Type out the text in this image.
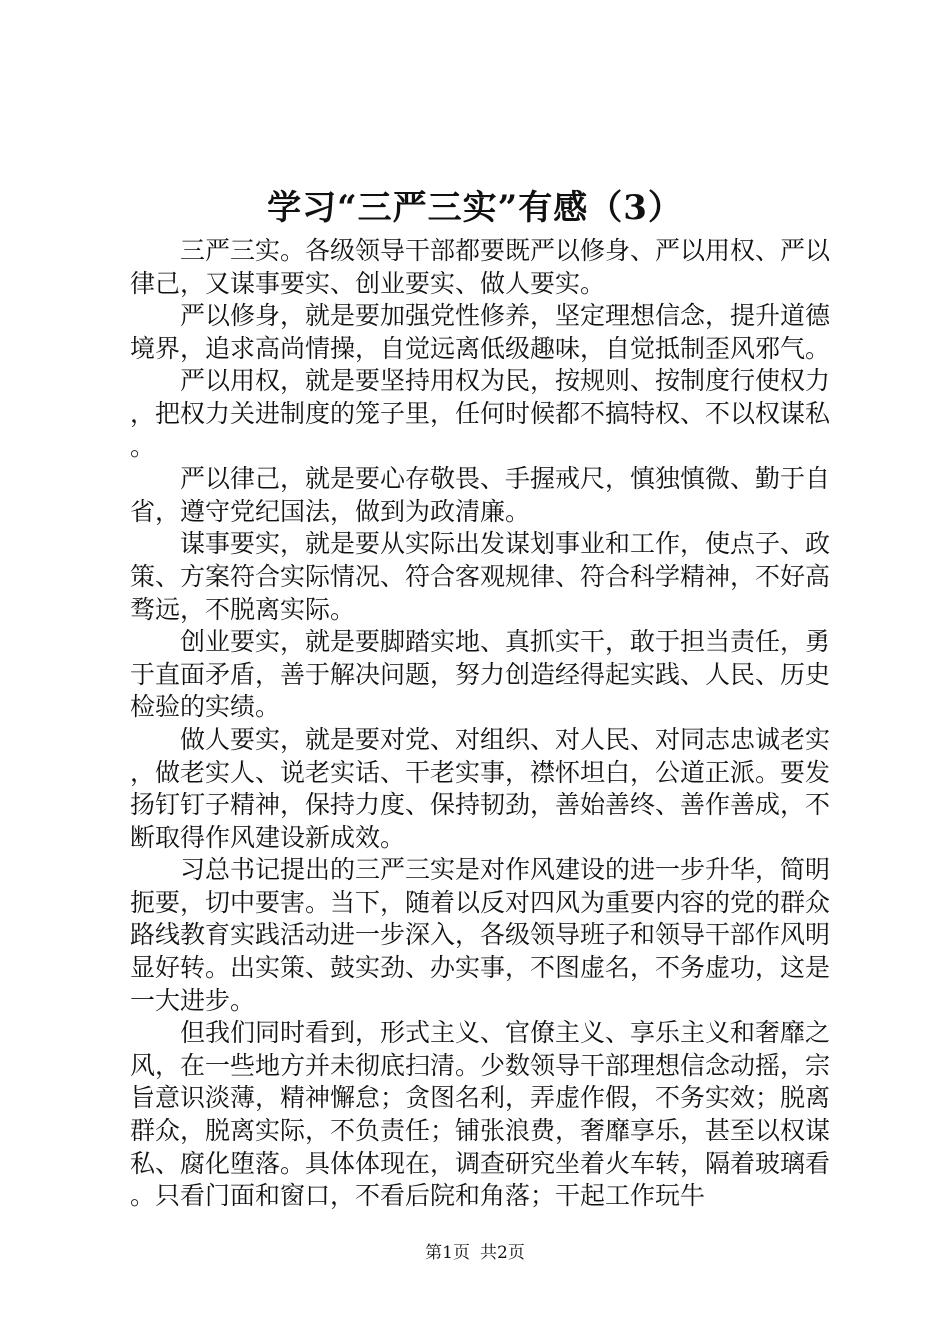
学习“三严三实”有感（3）

三严三实。各级领导干部都要既严以修身、严以用权、严以律己，又谋事要实、创业要实、做人要实。

严以修身，就是要加强党性修养，坚定理想信念，提升道德境界，追求高尚情操，自觉远离低级趣味，自觉抵制歪风邪气。

严以用权，就是要坚持用权为民，按规则、按制度行使权力，把权力关进制度的笼子里，任何时候都不搞特权、不以权谋私。

严以律己，就是要心存敬畏、手握戒尺，慎独慎微、勤于自省，遵守党纪国法，做到为政清廉。

谋事要实，就是要从实际出发谋划事业和工作，使点子、政策、方案符合实际情况、符合客观规律、符合科学精神，不好高骛远，不脱离实际。

创业要实，就是要脚踏实地、真抓实干，敢于担当责任，勇于直面矛盾，善于解决问题，努力创造经得起实践、人民、历史检验的实绩。

做人要实，就是要对党、对组织、对人民、对同志忠诚老实，做老实人、说老实话、干老实事，襟怀坦白，公道正派。要发扬钉钉子精神，保持力度、保持韧劲，善始善终、善作善成，不断取得作风建设新成效。

习总书记提出的三严三实是对作风建设的进一步升华，简明扼要，切中要害。当下，随着以反对四风为重要内容的党的群众路线教育实践活动进一步深入，各级领导班子和领导干部作风明显好转。出实策、鼓实劲、办实事，不图虚名，不务虚功，这是一大进步。

但我们同时看到，形式主义、官僚主义、享乐主义和奢靡之风，在一些地方并未彻底扫清。少数领导干部理想信念动摇，宗旨意识淡薄，精神懈怠；贪图名利，弄虚作假，不务实效；脱离群众，脱离实际，不负责任；铺张浪费，奢靡享乐，甚至以权谋私、腐化堕落。具体体现在，调查研究坐着火车转，隔着玻璃看。只看门面和窗口，不看后院和角落；干起工作玩牛

第1页 共2页
